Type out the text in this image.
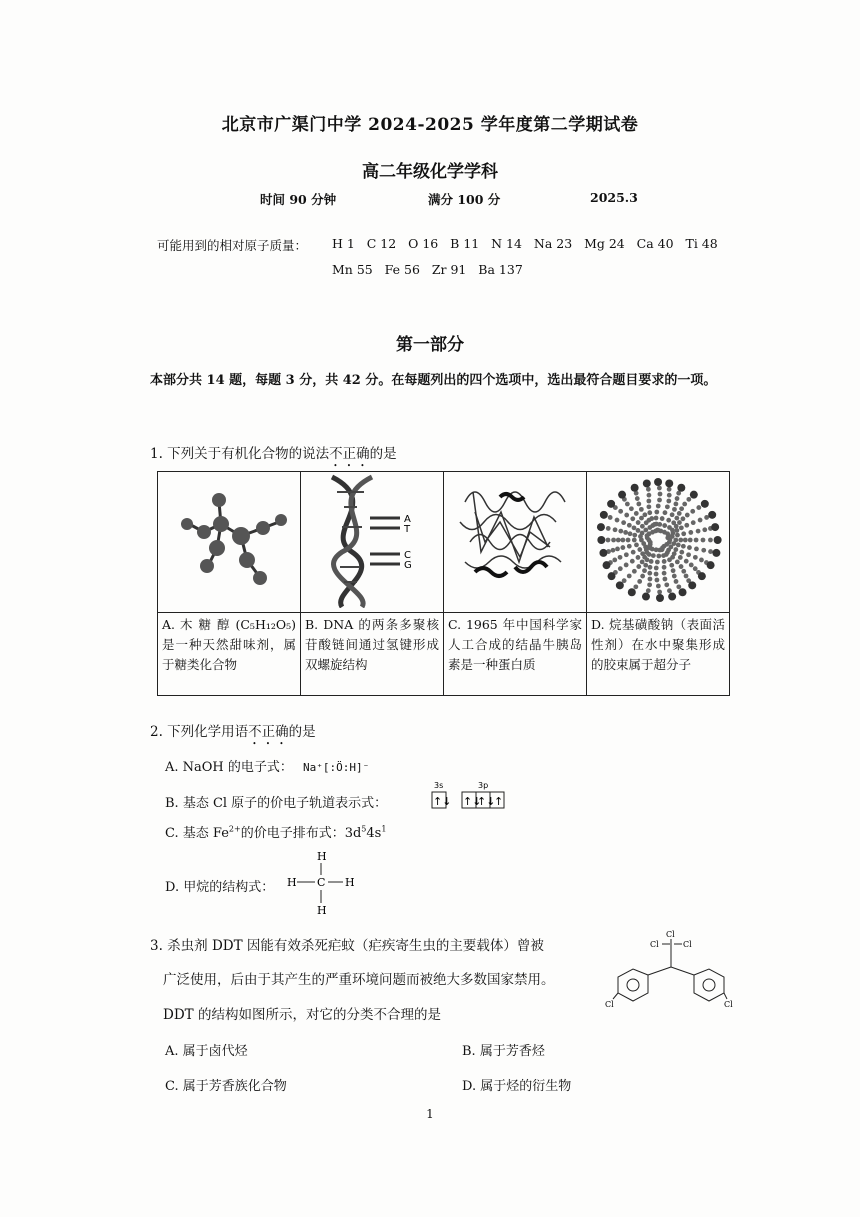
北京市广渠门中学 2024-2025 学年度第二学期试卷
高二年级化学学科
时间 90 分钟	满分 100 分	2025.3
可能用到的相对原子质量： H 1   C 12   O 16   B 11   N 14   Na 23   Mg 24   Ca 40   Ti 48
Mn 55   Fe 56   Zr 91   Ba 137
第一部分
本部分共 14 题，每题 3 分，共 42 分。在每题列出的四个选项中，选出最符合题目要求的一项。
1. 下列关于有机化合物的说法不正确的是

A
T
C
G

A. 木 糖 醇 (C₅H₁₂O₅) 是一种天然甜味剂，属于糖类化合物	B. DNA 的两条多聚核苷酸链间通过氢键形成双螺旋结构	C. 1965 年中国科学家人工合成的结晶牛胰岛素是一种蛋白质	D. 烷基磺酸钠（表面活性剂）在水中聚集形成的胶束属于超分子
2. 下列化学用语不正确的是
A. NaOH 的电子式： Na⁺[:Ö:H]⁻
B. 基态 Cl 原子的价电子轨道表示式：
3s	3p
↑↓ ↑↓
↑↓
↑
C. 基态 $Fe^{2+}$的价电子排布式：$3d^54s^1$
D. 甲烷的结构式：
H
H C H
H
3. 杀虫剂 DDT 因能有效杀死疟蚊（疟疾寄生虫的主要载体）曾被
广泛使用，后由于其产生的严重环境问题而被绝大多数国家禁用。
DDT 的结构如图所示，对它的分类不合理的是
Cl
Cl
Cl
Cl	Cl
A. 属于卤代烃	B. 属于芳香烃
C. 属于芳香族化合物	D. 属于烃的衍生物
1
